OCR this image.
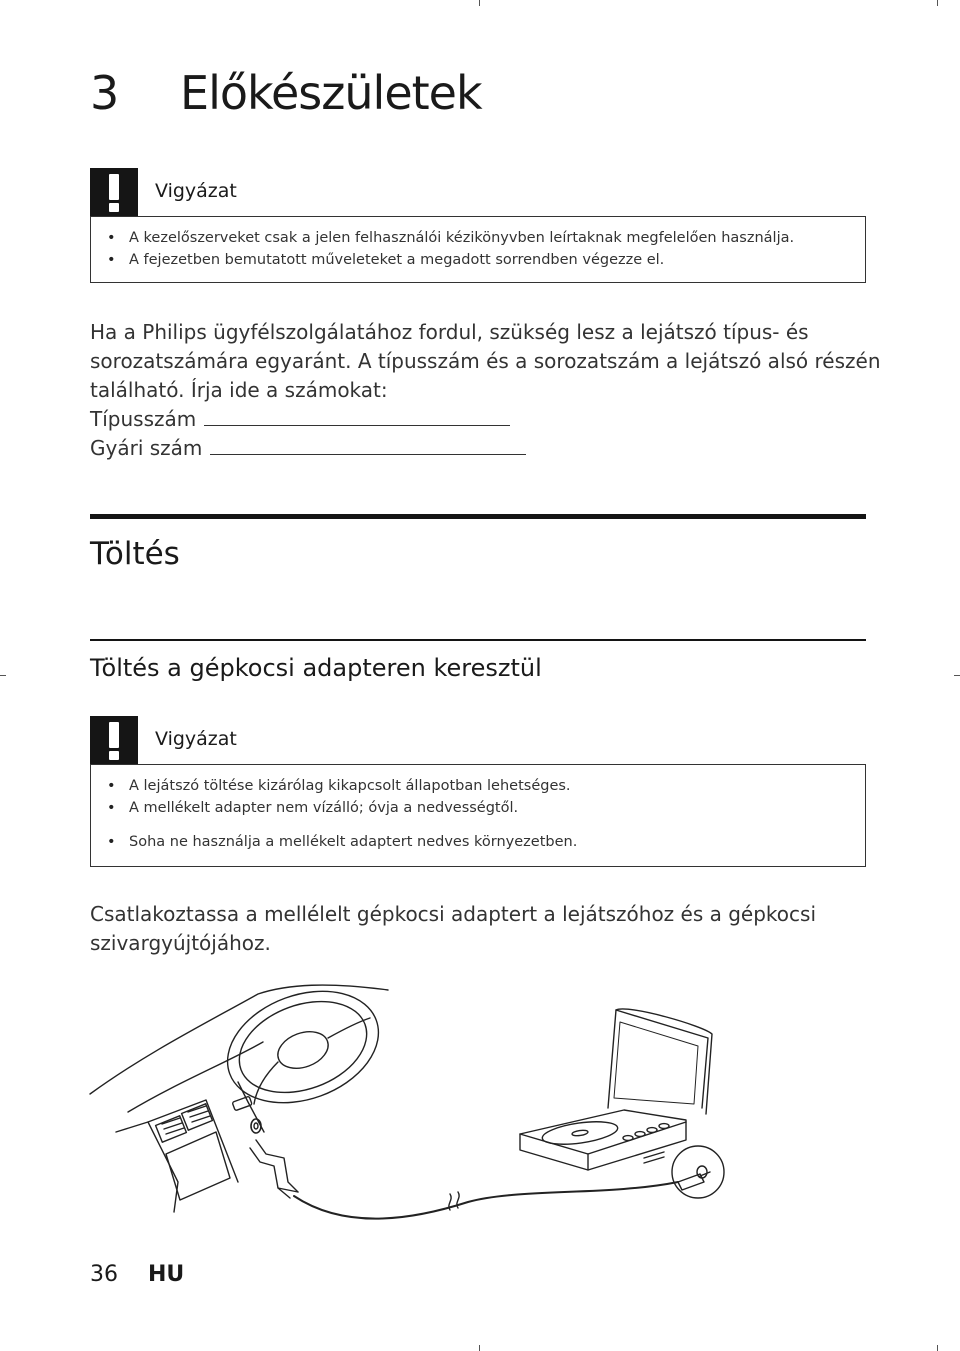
3 Előkészületek
Vigyázat
• A kezelőszerveket csak a jelen felhasználói kézikönyvben leírtaknak megfelelően használja.
• A fejezetben bemutatott műveleteket a megadott sorrendben végezze el.
Ha a Philips ügyfélszolgálatához fordul, szükség lesz a lejátszó típus- és
sorozatszámára egyaránt. A típusszám és a sorozatszám a lejátszó alsó részén
található. Írja ide a számokat:
Típusszám
Gyári szám
Töltés
Töltés a gépkocsi adapteren keresztül
Vigyázat
• A lejátszó töltése kizárólag kikapcsolt állapotban lehetséges.
• A mellékelt adapter nem vízálló; óvja a nedvességtől.
• Soha ne használja a mellékelt adaptert nedves környezetben.
Csatlakoztassa a mellélelt gépkocsi adaptert a lejátszóhoz és a gépkocsi
szivargyújtójához.
36 HU
